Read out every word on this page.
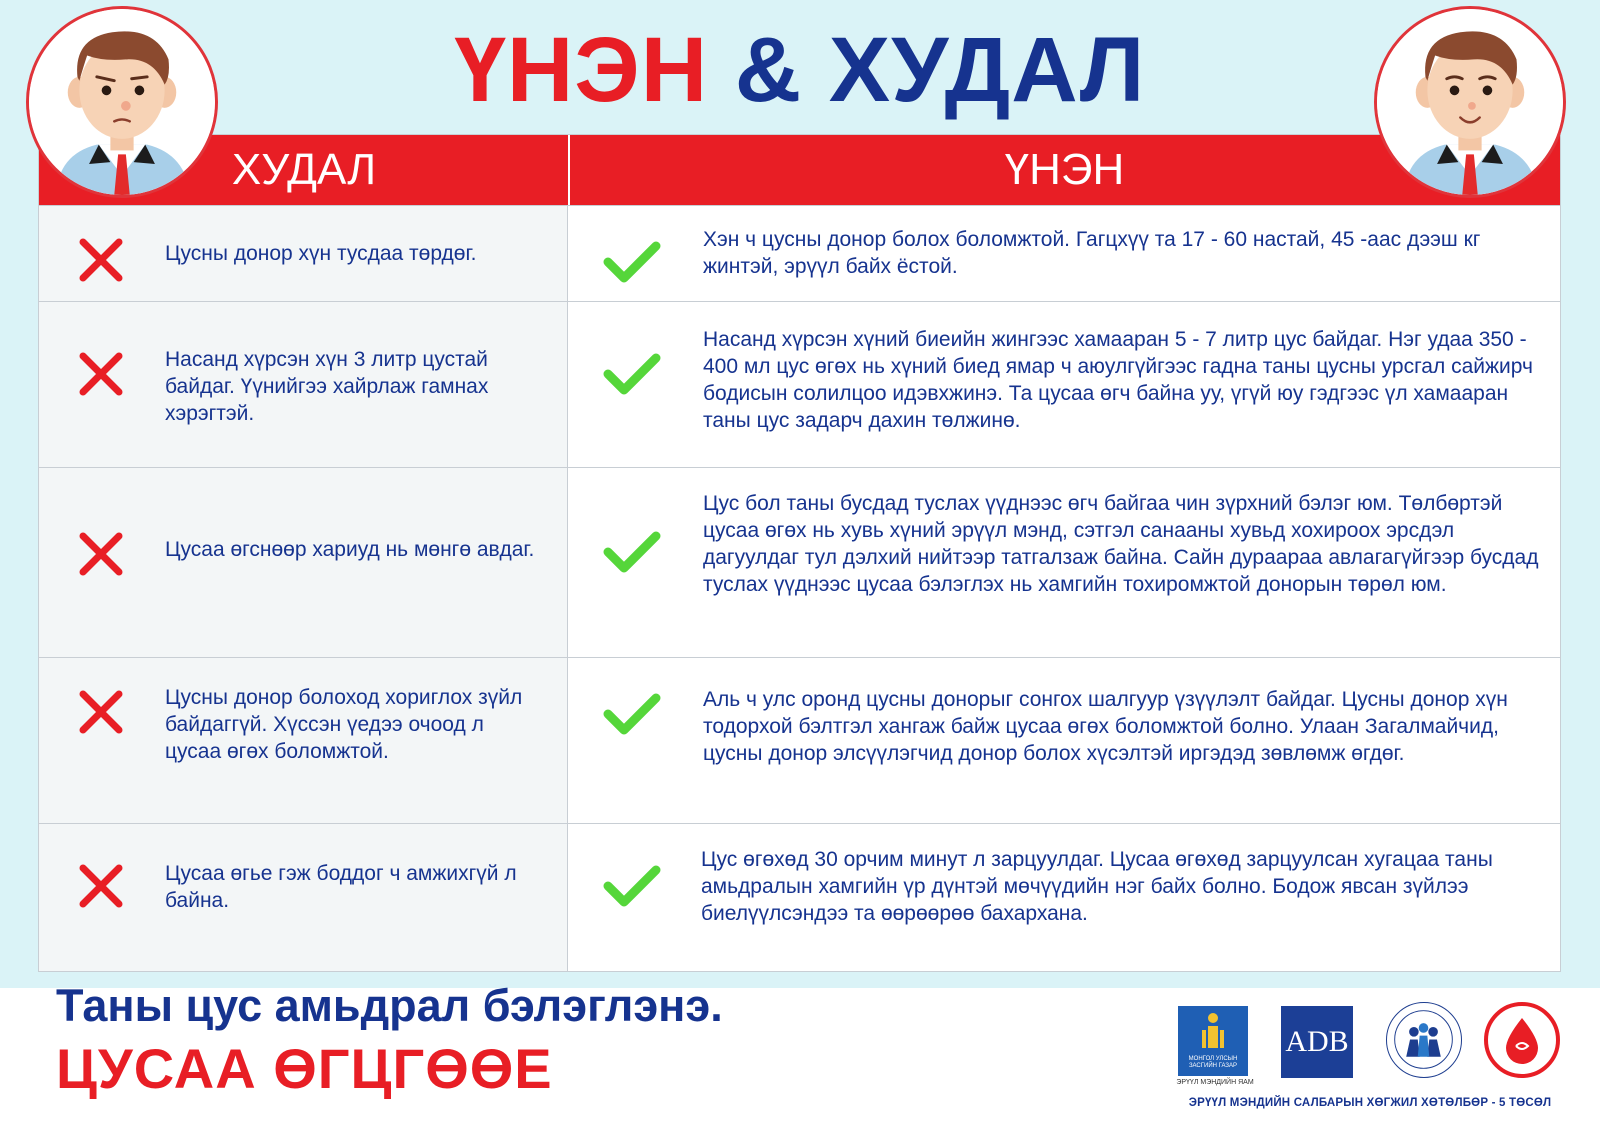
ҮНЭН & ХУДАЛ
ХУДАЛ	ҮНЭН
Цусны донор хүн тусдаа төрдөг.
Хэн ч цусны донор болох боломжтой. Гагцхүү та 17 - 60 настай, 45 -аас дээш кг жинтэй, эрүүл байх ёстой.
Насанд хүрсэн хүн 3 литр цустай байдаг. Үүнийгээ хайрлаж гамнах хэрэгтэй.
Насанд хүрсэн хүний биеийн жингээс хамааран 5 - 7 литр цус байдаг. Нэг удаа 350 - 400 мл цус өгөх нь хүний биед ямар ч аюулгүйгээс гадна таны цусны урсгал сайжирч бодисын солилцоо идэвхжинэ. Та цусаа өгч байна уу, үгүй юу гэдгээс үл хамааран таны цус задарч дахин төлжинө.
Цусаа өгснөөр хариуд нь мөнгө авдаг.
Цус бол таны бусдад туслах үүднээс өгч байгаа чин зүрхний бэлэг юм. Төлбөртэй цусаа өгөх нь хувь хүний эрүүл мэнд, сэтгэл санааны хувьд хохироох эрсдэл дагуулдаг тул дэлхий нийтээр татгалзаж байна. Сайн дураараа авлагагүйгээр бусдад туслах үүднээс цусаа бэлэглэх нь хамгийн тохиромжтой донорын төрөл юм.
Цусны донор болоход хориглох зүйл байдаггүй. Хүссэн үедээ очоод л цусаа өгөх боломжтой.
Аль ч улс оронд цусны донорыг сонгох шалгуур үзүүлэлт байдаг. Цусны донор хүн тодорхой бэлтгэл хангаж байж цусаа өгөх боломжтой болно. Улаан Загалмайчид, цусны донор элсүүлэгчид донор болох хүсэлтэй иргэдэд зөвлөмж өгдөг.
Цусаа өгье гэж боддог ч амжихгүй л байна.
Цус өгөхөд 30 орчим минут л зарцуулдаг. Цусаа өгөхөд зарцуулсан хугацаа таны амьдралын хамгийн үр дүнтэй мөчүүдийн нэг байх болно. Бодож явсан зүйлээ биелүүлсэндээ та өөрөөрөө бахархана.
Таны цус амьдрал бэлэглэнэ.
ЦУСАА ӨГЦГӨӨЕ	МОНГОЛ УЛСЫН ЗАСГИЙН ГАЗАР
ЭРҮҮЛ МЭНДИЙН ЯАМ
ADB
ЭРҮҮЛ МЭНДИЙН САЛБАРЫН ХӨГЖИЛ ХӨТӨЛБӨР - 5 ТӨСӨЛ
